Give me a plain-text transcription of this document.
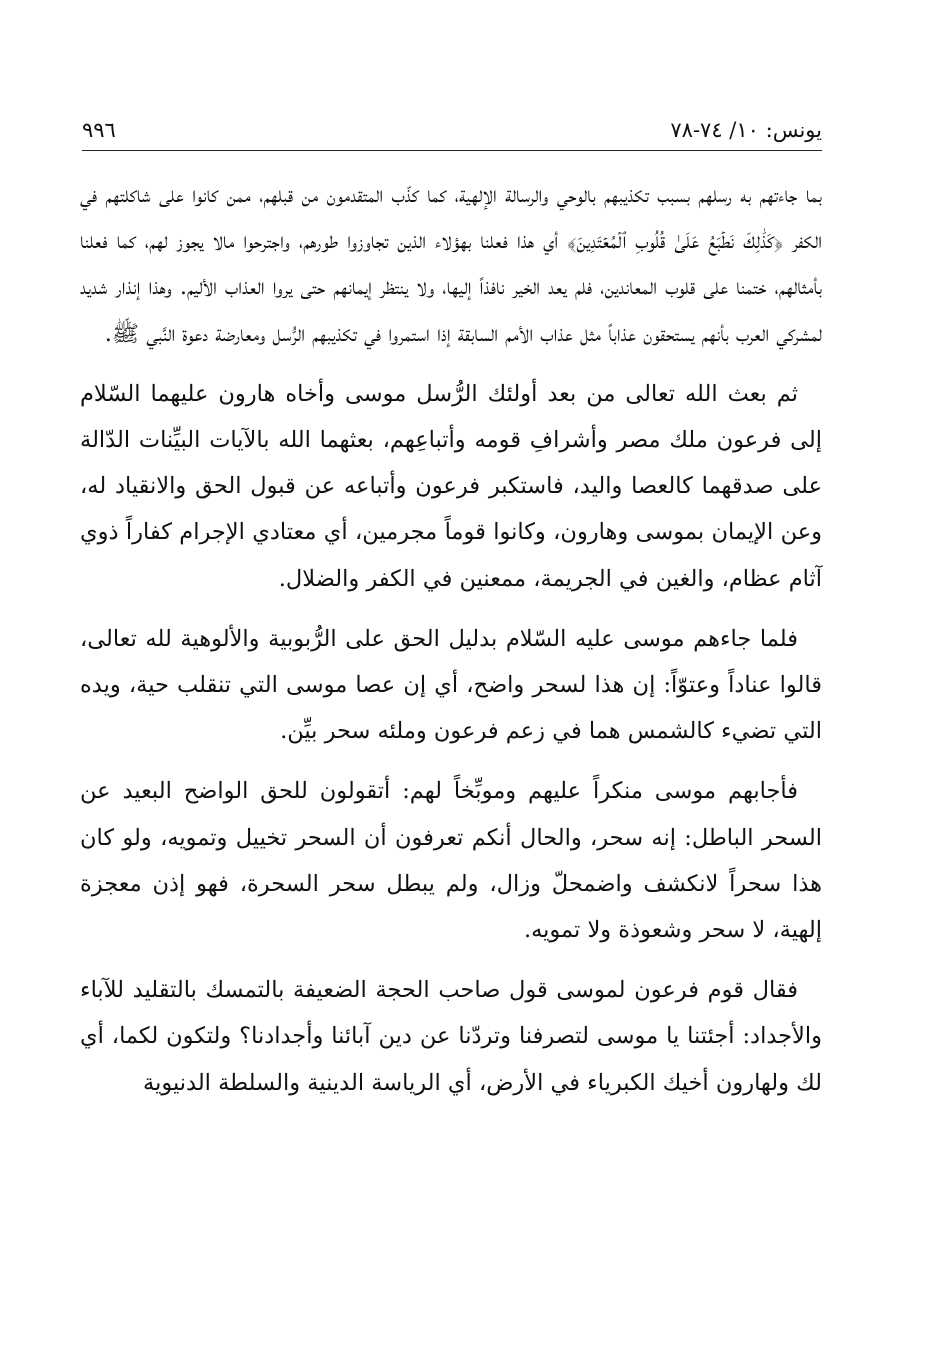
يونس: ١٠/ ٧٤-٧٨
٩٩٦

بما جاءتهم به رسلهم بسبب تكذيبهم بالوحي والرسالة الإلهية، كما كذّب المتقدمون من قبلهم، ممن كانوا على شاكلتهم في الكفر ﴿كَذَٰلِكَ نَطۡبَعُ عَلَىٰ قُلُوبِ ٱلۡمُعۡتَدِينَ﴾ أي هذا فعلنا بهؤلاء الذين تجاوزوا طورهم، واجترحوا مالا يجوز لهم، كما فعلنا بأمثالهم، ختمنا على قلوب المعاندين، فلم يعد الخير نافذاً إليها، ولا ينتظر إيمانهم حتى يروا العذاب الأليم. وهذا إنذار شديد لمشركي العرب بأنهم يستحقون عذاباً مثل عذاب الأمم السابقة إذا استمروا في تكذيبهم الرُّسل ومعارضة دعوة النَّبي ﷺ.

ثم بعث الله تعالى من بعد أولئك الرُّسل موسى وأخاه هارون عليهما السّلام إلى فرعون ملك مصر وأشرافِ قومه وأتباعِهم، بعثهما الله بالآيات البيِّنات الدّالة على صدقهما كالعصا واليد، فاستكبر فرعون وأتباعه عن قبول الحق والانقياد له، وعن الإيمان بموسى وهارون، وكانوا قوماً مجرمين، أي معتادي الإجرام كفاراً ذوي آثام عظام، والغين في الجريمة، ممعنين في الكفر والضلال.

فلما جاءهم موسى عليه السّلام بدليل الحق على الرُّبوبية والألوهية لله تعالى، قالوا عناداً وعتوّاً: إن هذا لسحر واضح، أي إن عصا موسى التي تنقلب حية، ويده التي تضيء كالشمس هما في زعم فرعون وملئه سحر بيِّن.

فأجابهم موسى منكراً عليهم وموبِّخاً لهم: أتقولون للحق الواضح البعيد عن السحر الباطل: إنه سحر، والحال أنكم تعرفون أن السحر تخييل وتمويه، ولو كان هذا سحراً لانكشف واضمحلّ وزال، ولم يبطل سحر السحرة، فهو إذن معجزة إلهية، لا سحر وشعوذة ولا تمويه.

فقال قوم فرعون لموسى قول صاحب الحجة الضعيفة بالتمسك بالتقليد للآباء والأجداد: أجئتنا يا موسى لتصرفنا وتردّنا عن دين آبائنا وأجدادنا؟ ولتكون لكما، أي لك ولهارون أخيك الكبرياء في الأرض، أي الرياسة الدينية والسلطة الدنيوية
